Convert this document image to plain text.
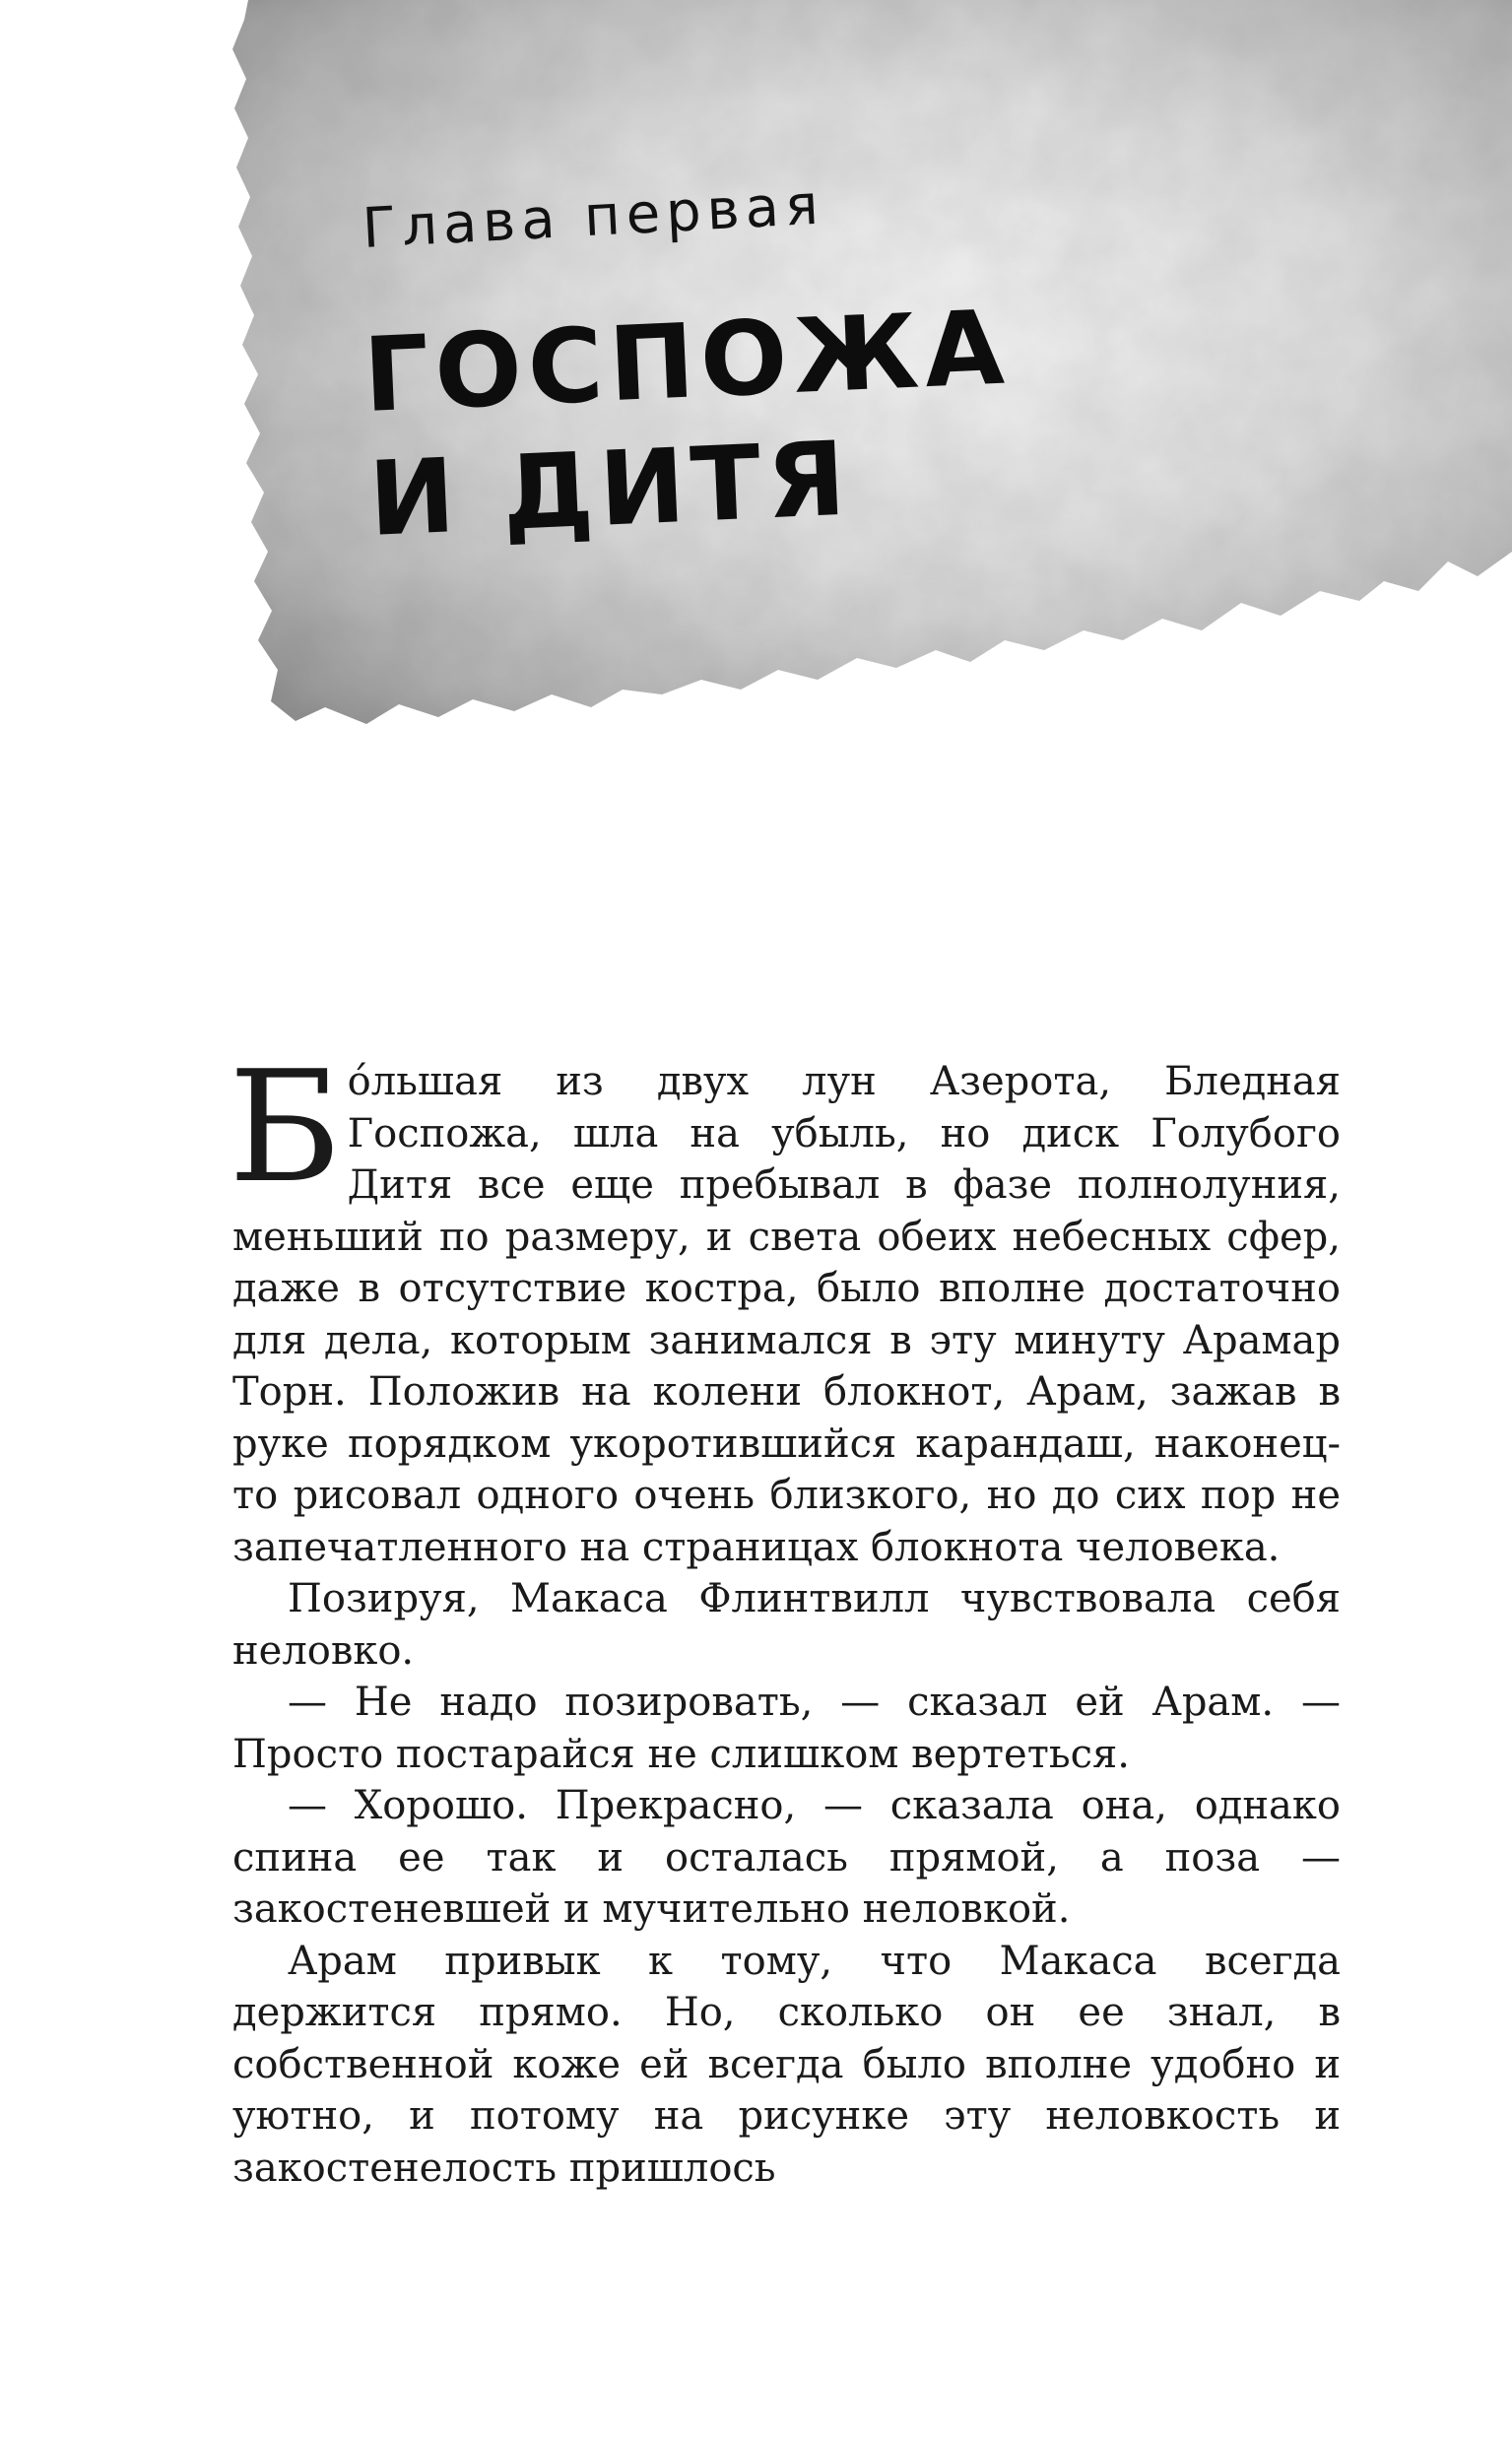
Глава первая
ГОСПОЖА
И ДИТЯ

Бо́льшая из двух лун Азерота, Бледная Госпожа, шла на убыль, но диск Голубого Дитя все еще пребывал в фазе полнолуния, меньший по размеру, и света обеих небесных сфер, даже в отсутствие костра, было вполне достаточно для дела, которым занимался в эту минуту Арамар Торн. Положив на колени блокнот, Арам, зажав в руке порядком укоротившийся карандаш, наконец-то рисовал одного очень близкого, но до сих пор не запечатленного на страницах блокнота человека.

Позируя, Макаса Флинтвилл чувствовала себя неловко.

— Не надо позировать, — сказал ей Арам. — Просто постарайся не слишком вертеться.

— Хорошо. Прекрасно, — сказала она, однако спина ее так и осталась прямой, а поза — закостеневшей и мучительно неловкой.

Арам привык к тому, что Макаса всегда держится прямо. Но, сколько он ее знал, в собственной коже ей всегда было вполне удобно и уютно, и потому на рисунке эту неловкость и закостенелость пришлось
